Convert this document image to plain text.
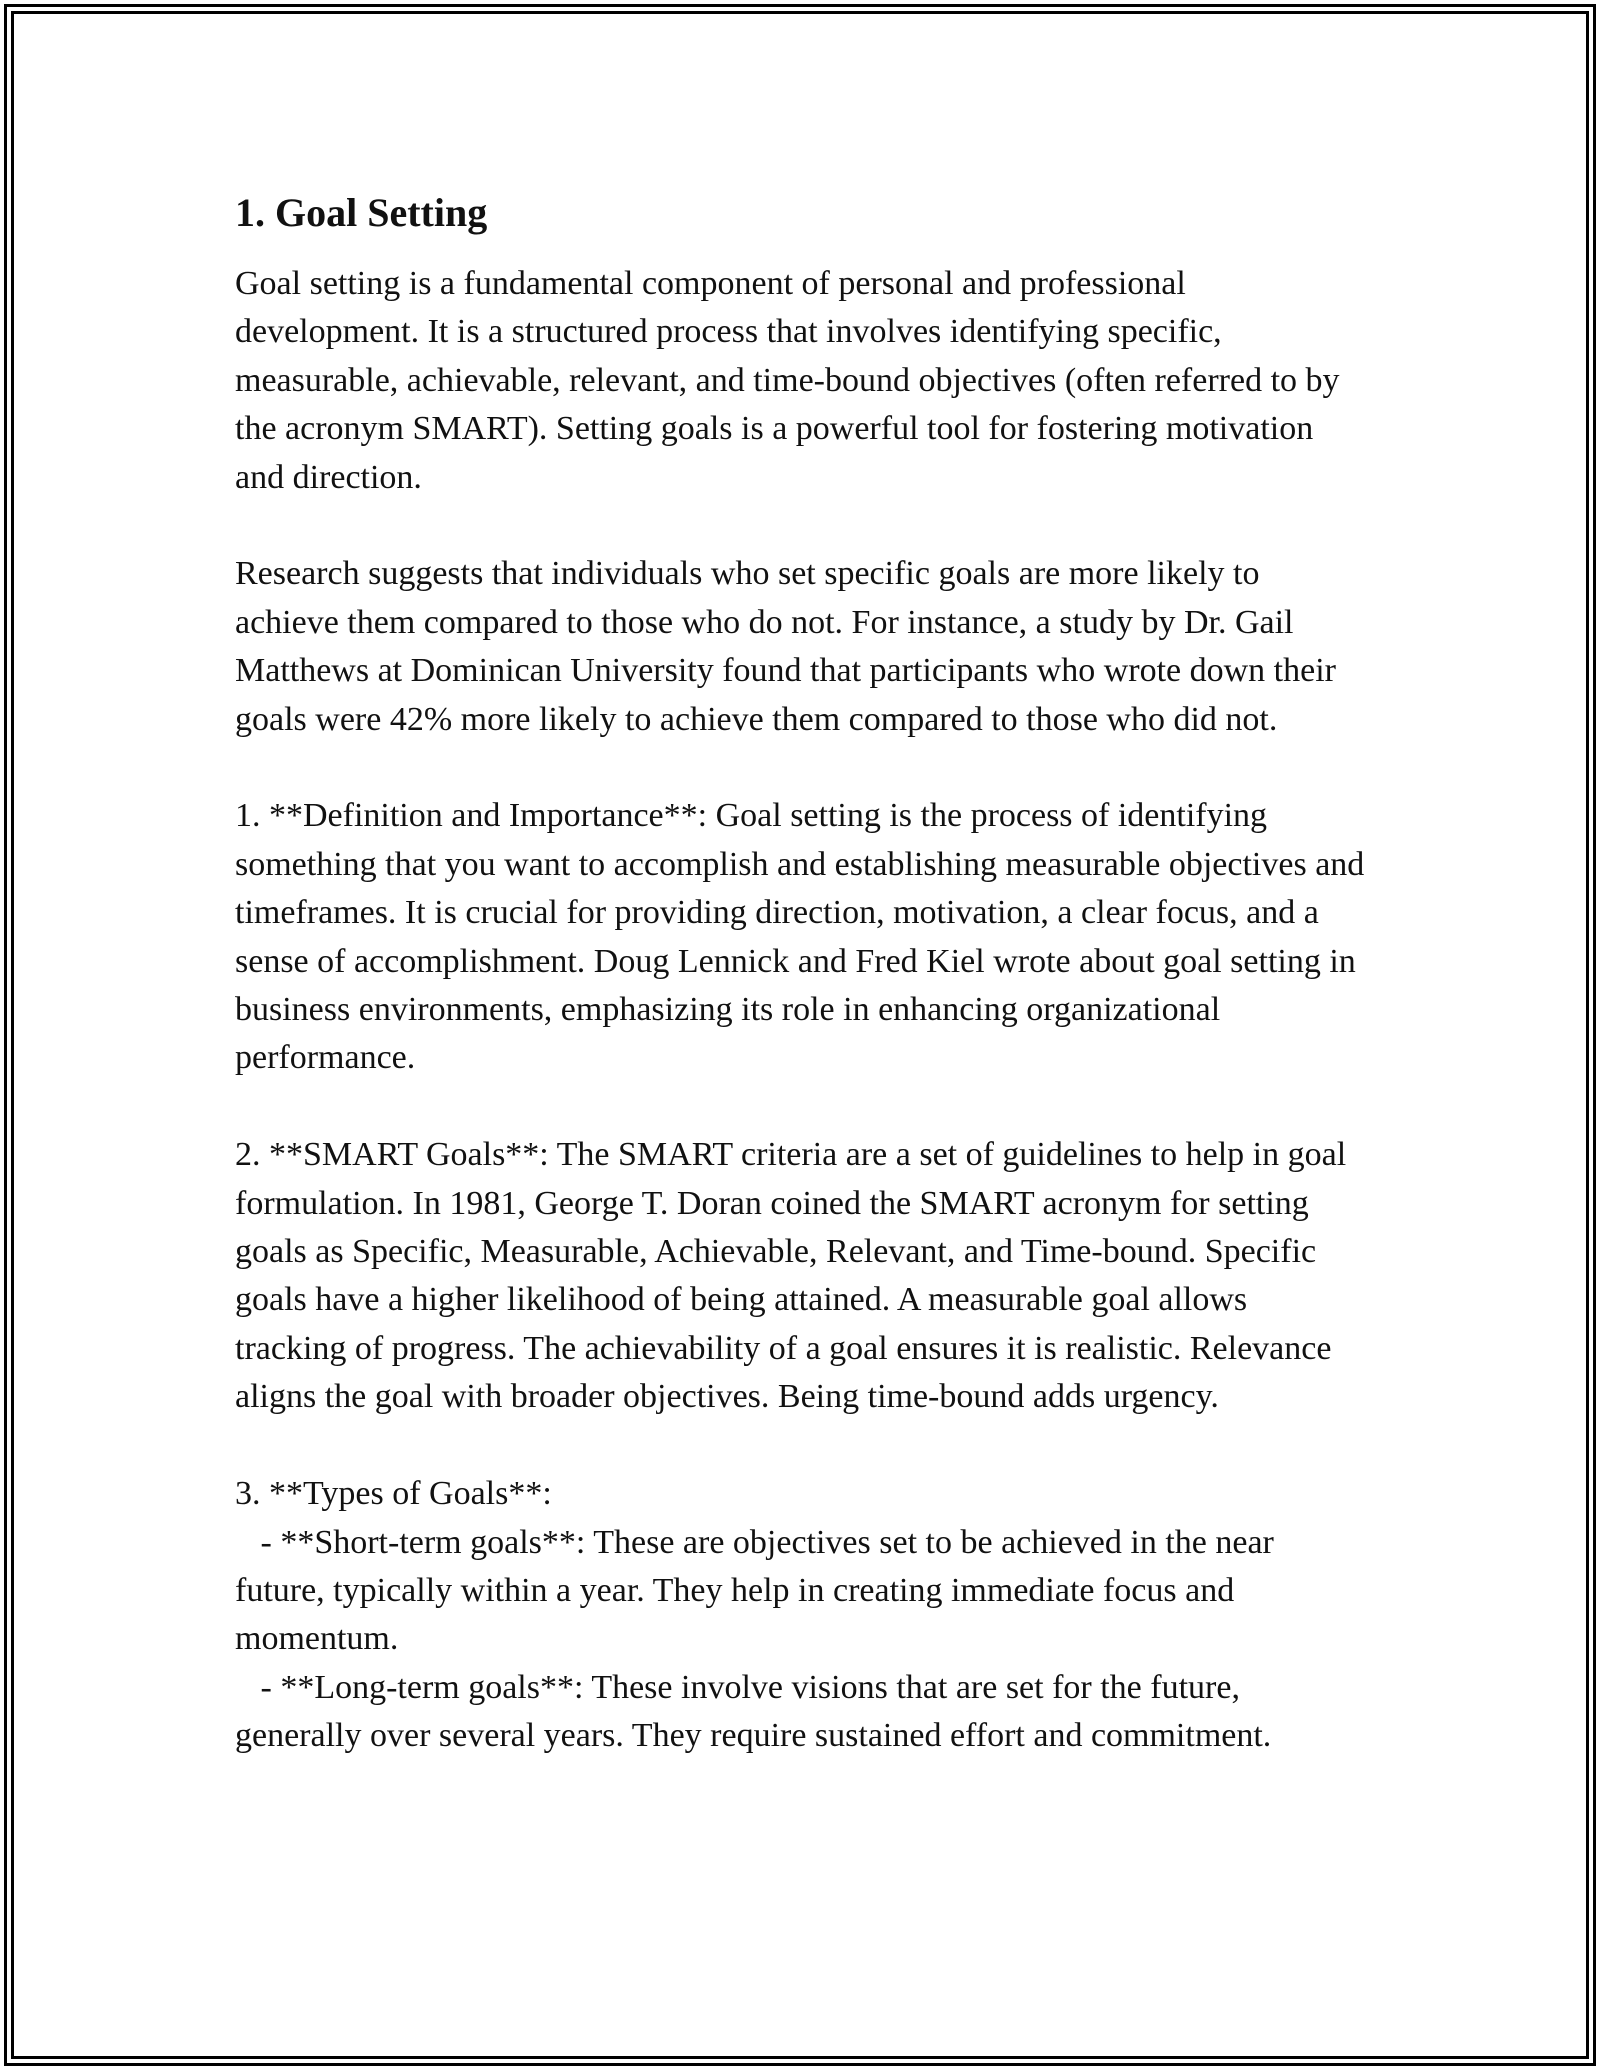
1. Goal Setting

Goal setting is a fundamental component of personal and professional development. It is a structured process that involves identifying specific, measurable, achievable, relevant, and time-bound objectives (often referred to by the acronym SMART). Setting goals is a powerful tool for fostering motivation and direction.

Research suggests that individuals who set specific goals are more likely to achieve them compared to those who do not. For instance, a study by Dr. Gail Matthews at Dominican University found that participants who wrote down their goals were 42% more likely to achieve them compared to those who did not.

1. **Definition and Importance**: Goal setting is the process of identifying something that you want to accomplish and establishing measurable objectives and timeframes. It is crucial for providing direction, motivation, a clear focus, and a sense of accomplishment. Doug Lennick and Fred Kiel wrote about goal setting in business environments, emphasizing its role in enhancing organizational performance.

2. **SMART Goals**: The SMART criteria are a set of guidelines to help in goal formulation. In 1981, George T. Doran coined the SMART acronym for setting goals as Specific, Measurable, Achievable, Relevant, and Time-bound. Specific goals have a higher likelihood of being attained. A measurable goal allows tracking of progress. The achievability of a goal ensures it is realistic. Relevance aligns the goal with broader objectives. Being time-bound adds urgency.

3. **Types of Goals**:
- **Short-term goals**: These are objectives set to be achieved in the near future, typically within a year. They help in creating immediate focus and momentum.
- **Long-term goals**: These involve visions that are set for the future, generally over several years. They require sustained effort and commitment.
